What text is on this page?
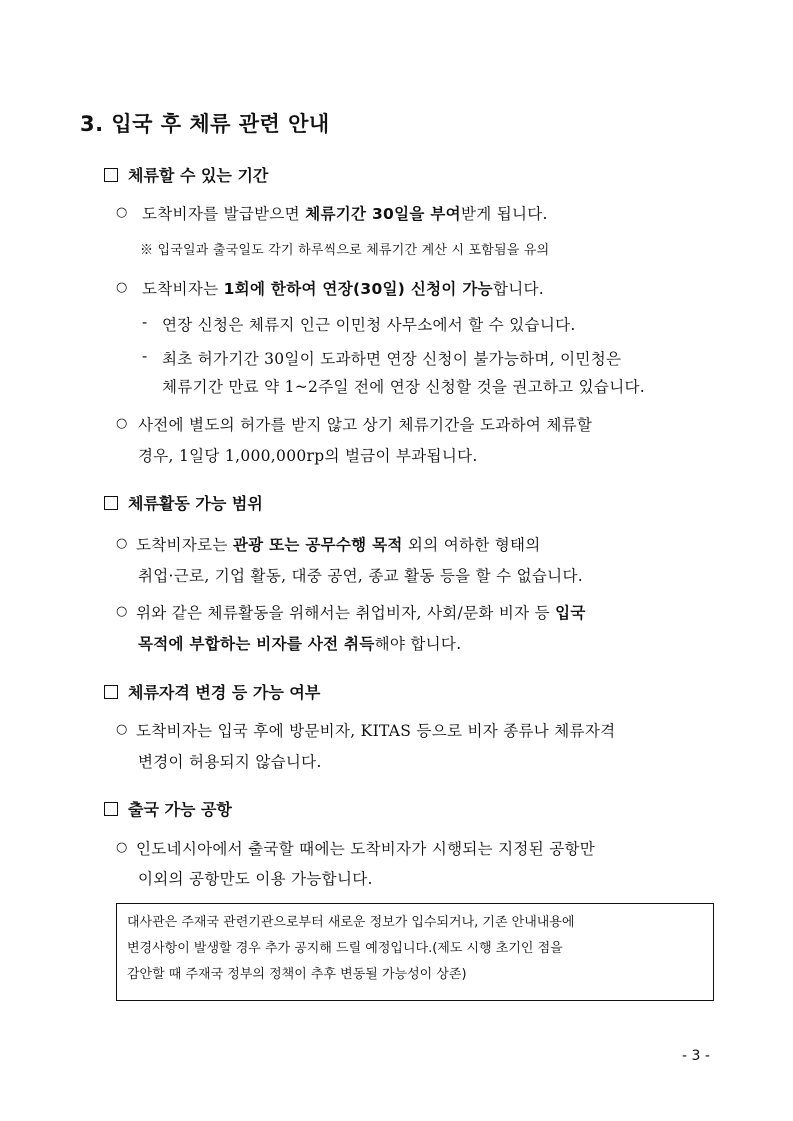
3. 입국 후 체류 관련 안내
체류할 수 있는 기간
○ 도착비자를 발급받으면 체류기간 30일을 부여받게 됩니다.
※ 입국일과 출국일도 각기 하루씩으로 체류기간 계산 시 포함됨을 유의
○ 도착비자는 1회에 한하여 연장(30일) 신청이 가능합니다.
- 연장 신청은 체류지 인근 이민청 사무소에서 할 수 있습니다.
- 최초 허가기간 30일이 도과하면 연장 신청이 불가능하며, 이민청은
체류기간 만료 약 1~2주일 전에 연장 신청할 것을 권고하고 있습니다.
○ 사전에 별도의 허가를 받지 않고 상기 체류기간을 도과하여 체류할
경우, 1일당 1,000,000rp의 벌금이 부과됩니다.
체류활동 가능 범위
○ 도착비자로는 관광 또는 공무수행 목적 외의 여하한 형태의
취업·근로, 기업 활동, 대중 공연, 종교 활동 등을 할 수 없습니다.
○ 위와 같은 체류활동을 위해서는 취업비자, 사회/문화 비자 등 입국
목적에 부합하는 비자를 사전 취득해야 합니다.
체류자격 변경 등 가능 여부
○ 도착비자는 입국 후에 방문비자, KITAS 등으로 비자 종류나 체류자격
변경이 허용되지 않습니다.
출국 가능 공항
○ 인도네시아에서 출국할 때에는 도착비자가 시행되는 지정된 공항만
이외의 공항만도 이용 가능합니다.
대사관은 주재국 관련기관으로부터 새로운 정보가 입수되거나, 기존 안내내용에
변경사항이 발생할 경우 추가 공지해 드릴 예정입니다.(제도 시행 초기인 점을
감안할 때 주재국 정부의 정책이 추후 변동될 가능성이 상존)
- 3 -
